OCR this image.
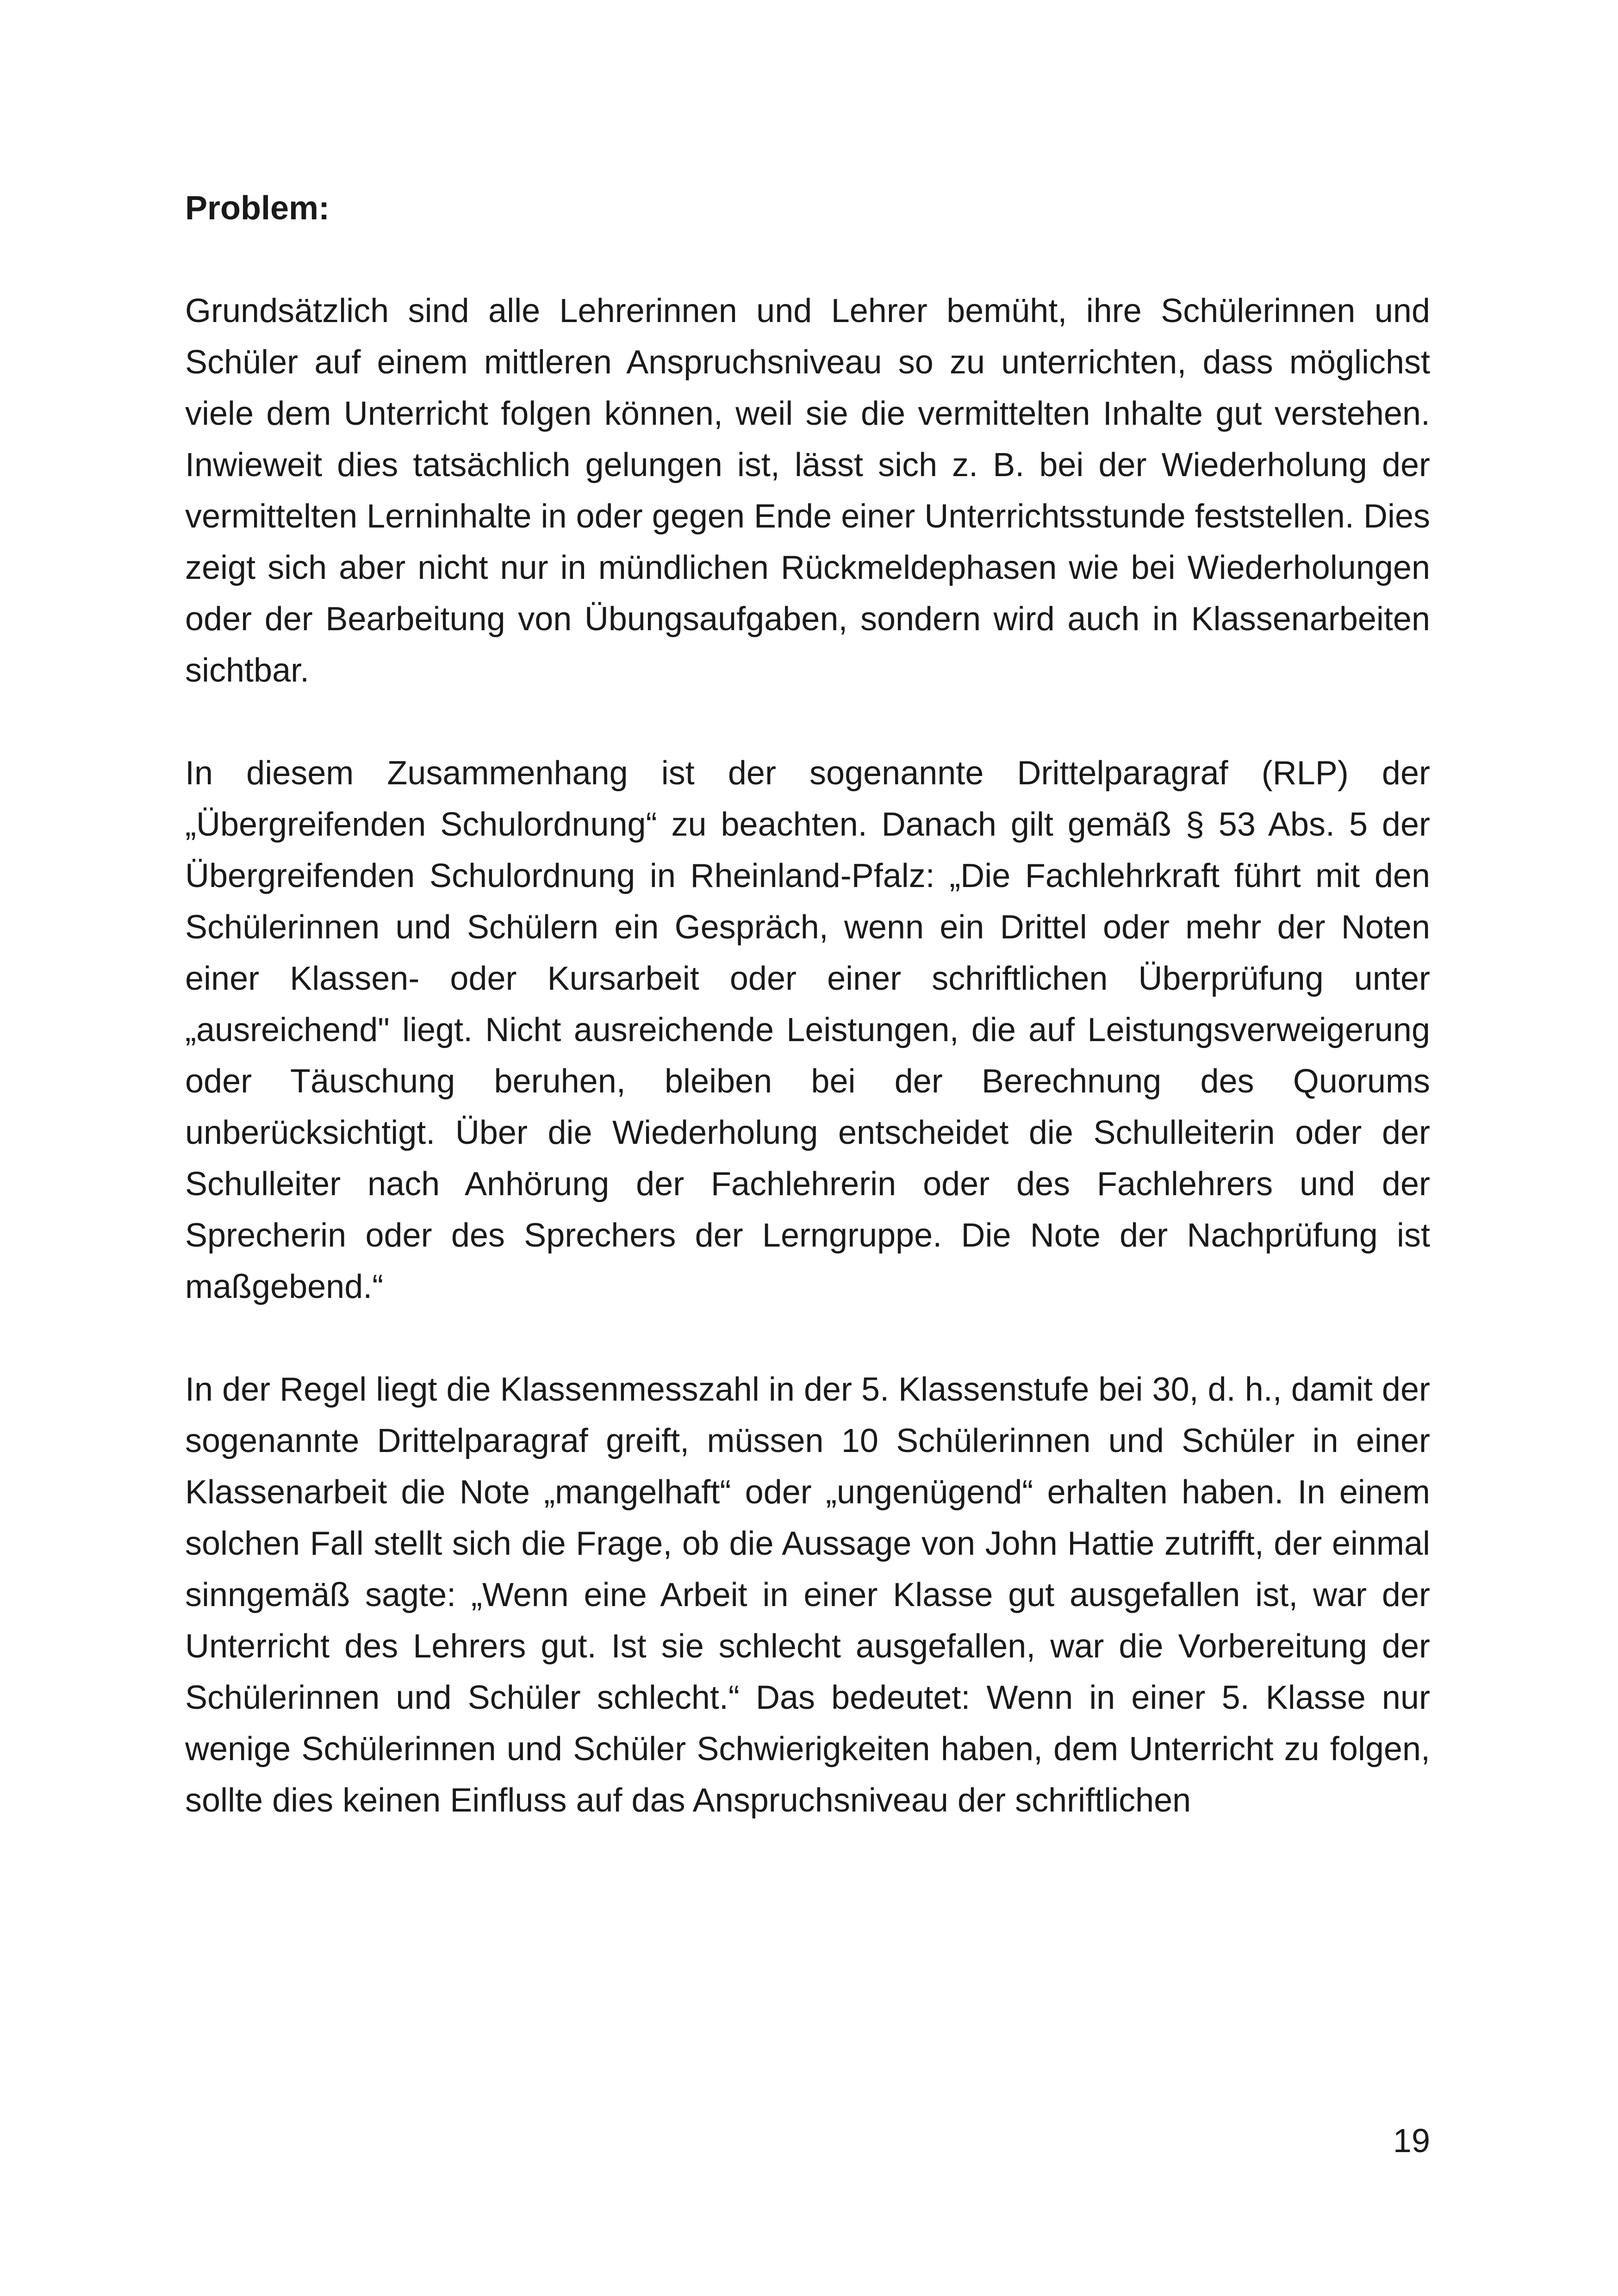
Problem:

Grundsätzlich sind alle Lehrerinnen und Lehrer bemüht, ihre Schülerinnen und Schüler auf einem mittleren Anspruchsniveau so zu unterrichten, dass möglichst viele dem Unterricht folgen können, weil sie die vermittelten Inhalte gut verstehen. Inwieweit dies tatsächlich gelungen ist, lässt sich z. B. bei der Wiederholung der vermittelten Lerninhalte in oder gegen Ende einer Unterrichtsstunde feststellen. Dies zeigt sich aber nicht nur in mündlichen Rückmeldephasen wie bei Wiederholungen oder der Bearbeitung von Übungsaufgaben, sondern wird auch in Klassenarbeiten sichtbar.

In diesem Zusammenhang ist der sogenannte Drittelparagraf (RLP) der „Übergreifenden Schulordnung“ zu beachten. Danach gilt gemäß § 53 Abs. 5 der Übergreifenden Schulordnung in Rheinland-Pfalz: „Die Fachlehrkraft führt mit den Schülerinnen und Schülern ein Gespräch, wenn ein Drittel oder mehr der Noten einer Klassen- oder Kursarbeit oder einer schriftlichen Überprüfung unter „ausreichend" liegt. Nicht ausreichende Leistungen, die auf Leistungsverweigerung oder Täuschung beruhen, bleiben bei der Berechnung des Quorums unberücksichtigt. Über die Wiederholung entscheidet die Schulleiterin oder der Schulleiter nach Anhörung der Fachlehrerin oder des Fachlehrers und der Sprecherin oder des Sprechers der Lerngruppe. Die Note der Nachprüfung ist maßgebend.“

In der Regel liegt die Klassenmesszahl in der 5. Klassenstufe bei 30, d. h., damit der sogenannte Drittelparagraf greift, müssen 10 Schülerinnen und Schüler in einer Klassenarbeit die Note „mangelhaft“ oder „ungenügend“ erhalten haben. In einem solchen Fall stellt sich die Frage, ob die Aussage von John Hattie zutrifft, der einmal sinngemäß sagte: „Wenn eine Arbeit in einer Klasse gut ausgefallen ist, war der Unterricht des Lehrers gut. Ist sie schlecht ausgefallen, war die Vorbereitung der Schülerinnen und Schüler schlecht.“ Das bedeutet: Wenn in einer 5. Klasse nur wenige Schülerinnen und Schüler Schwierigkeiten haben, dem Unterricht zu folgen, sollte dies keinen Einfluss auf das Anspruchsniveau der schriftlichen

19
